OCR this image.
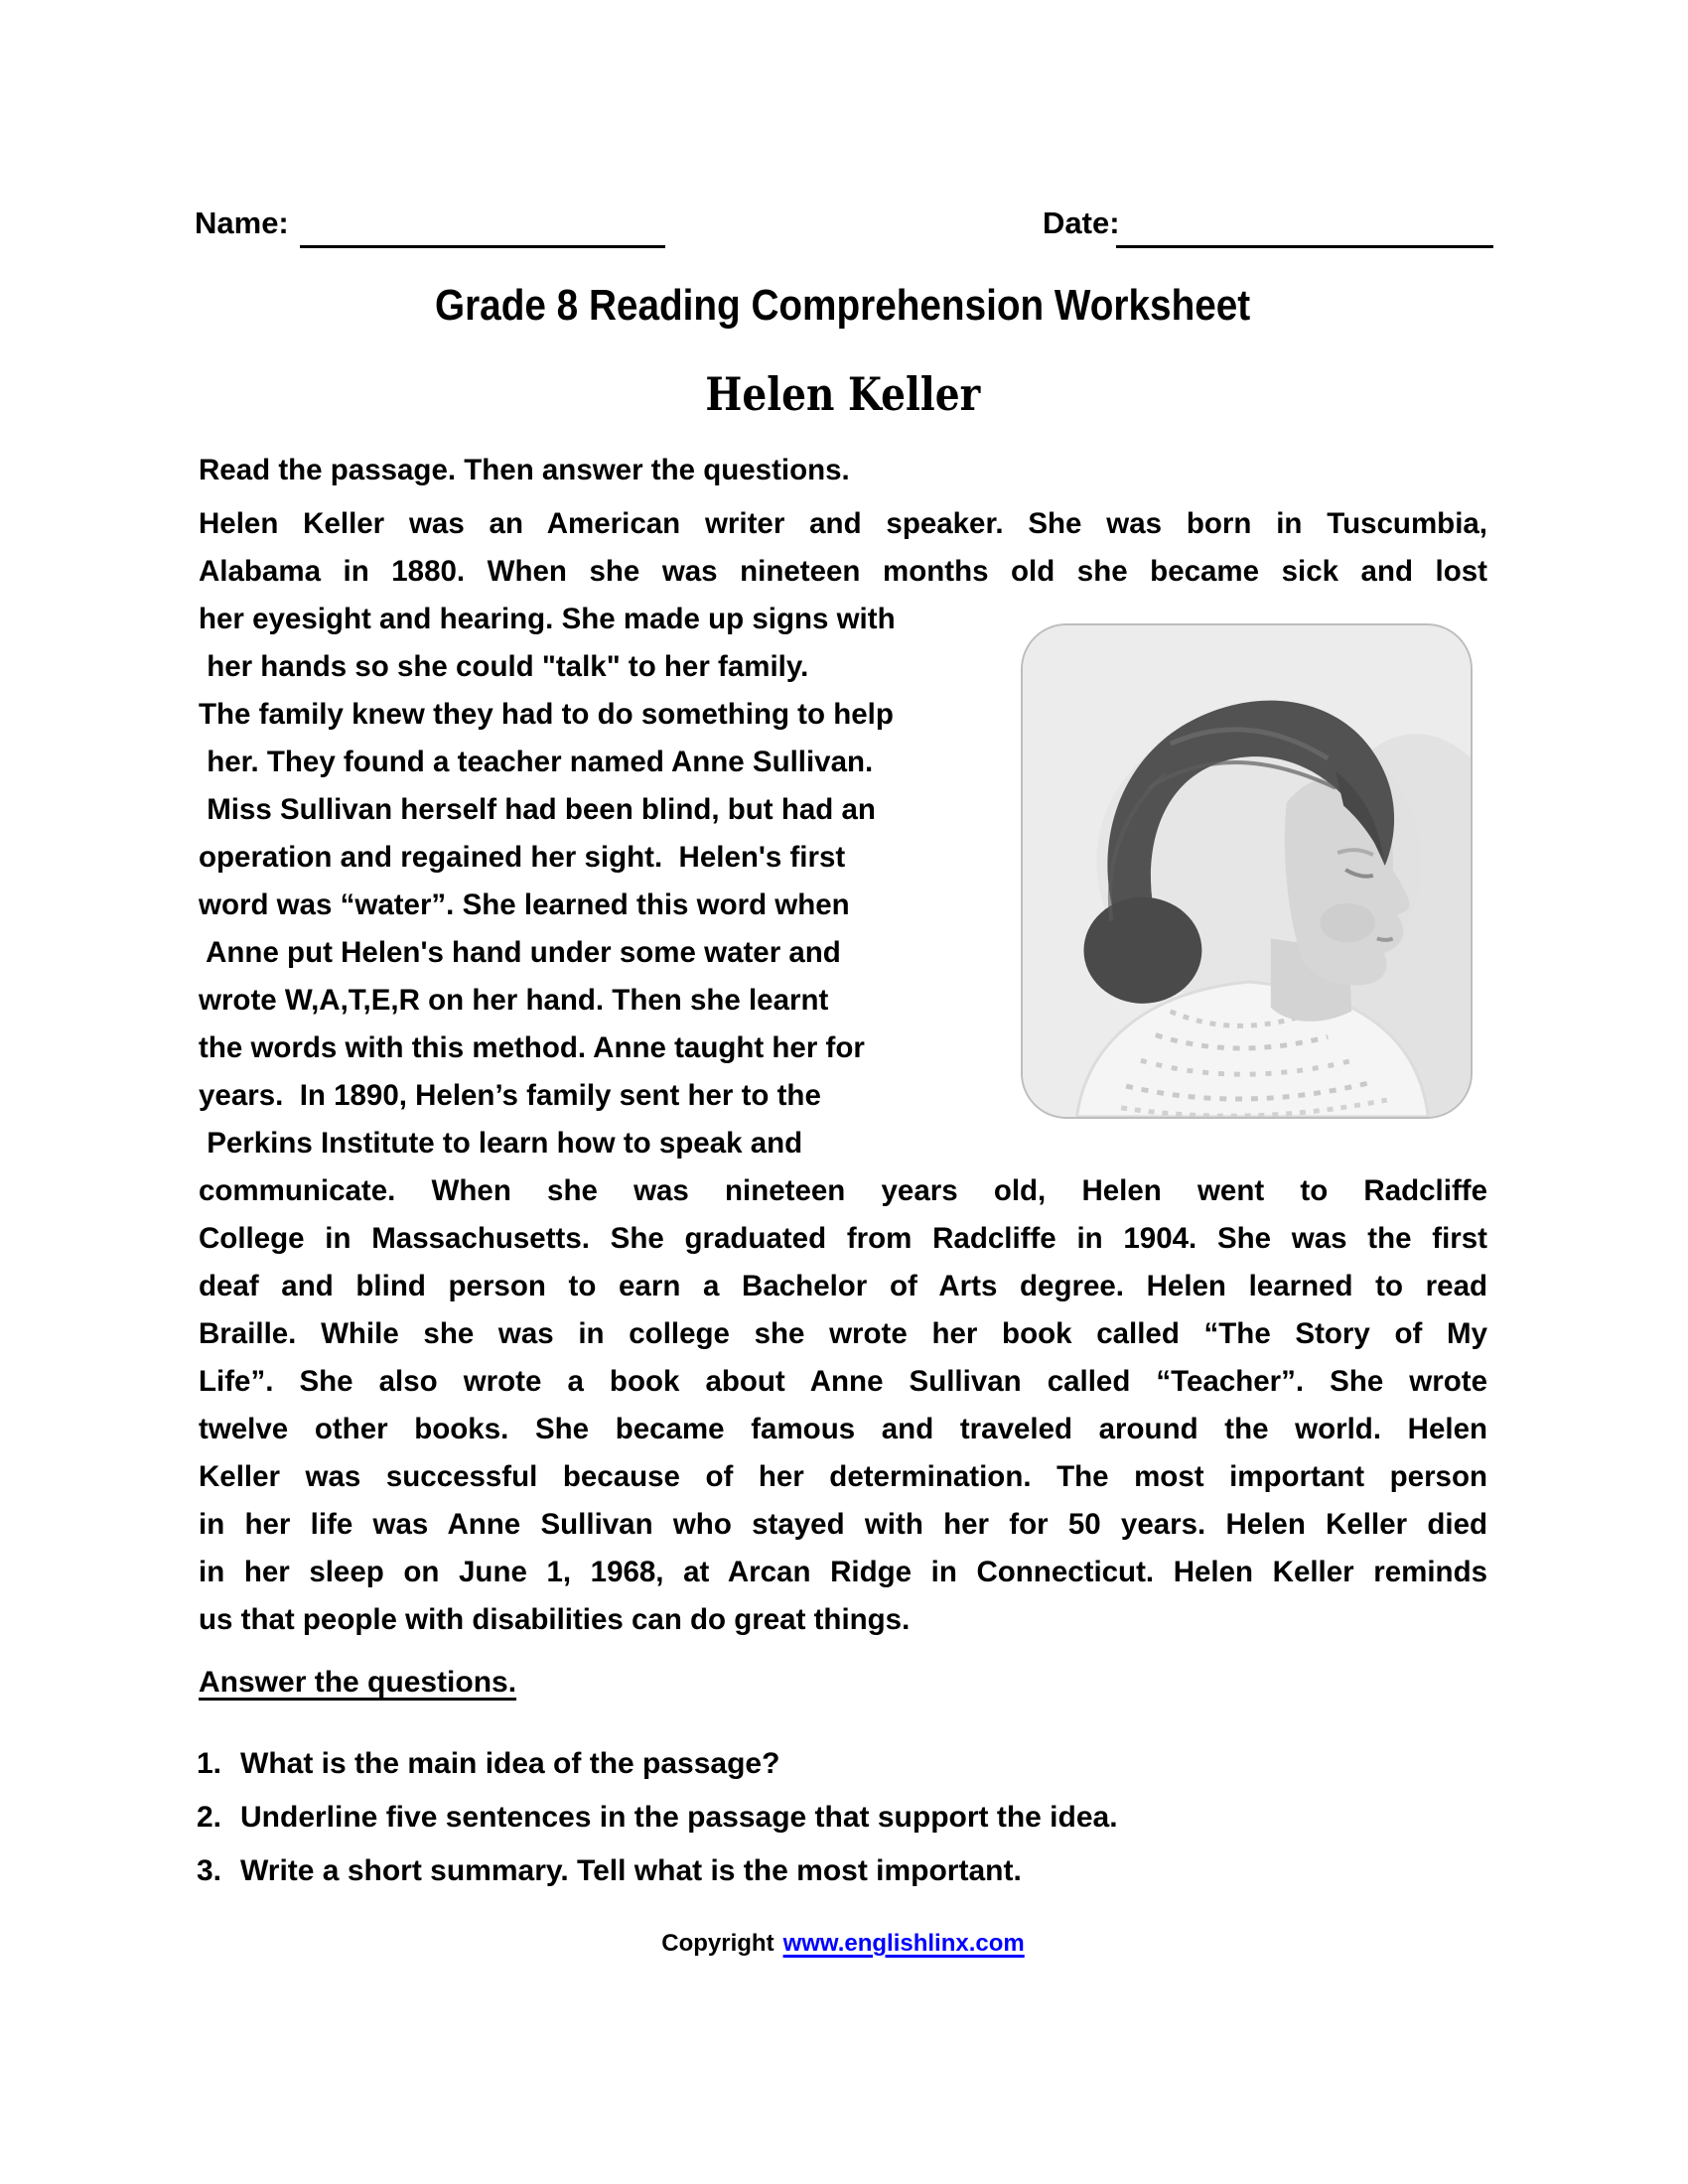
Name:	Date:
Grade 8 Reading Comprehension Worksheet
Helen Keller
Read the passage. Then answer the questions.
Helen Keller was an American writer and speaker. She was born in Tuscumbia,
Alabama in 1880. When she was nineteen months old she became sick and lost
her eyesight and hearing. She made up signs with
her hands so she could "talk" to her family.
The family knew they had to do something to help
her. They found a teacher named Anne Sullivan.
Miss Sullivan herself had been blind, but had an
operation and regained her sight.  Helen's first
word was “water”. She learned this word when
Anne put Helen's hand under some water and
wrote W,A,T,E,R on her hand. Then she learnt
the words with this method. Anne taught her for
years.  In 1890, Helen’s family sent her to the
Perkins Institute to learn how to speak and
communicate. When she was nineteen years old, Helen went to Radcliffe
College in Massachusetts. She graduated from Radcliffe in 1904. She was the first
deaf and blind person to earn a Bachelor of Arts degree. Helen learned to read
Braille. While she was in college she wrote her book called “The Story of My
Life”. She also wrote a book about Anne Sullivan called “Teacher”. She wrote
twelve other books. She became famous and traveled around the world. Helen
Keller was successful because of her determination. The most important person
in her life was Anne Sullivan who stayed with her for 50 years. Helen Keller died
in her sleep on June 1, 1968, at Arcan Ridge in Connecticut. Helen Keller reminds
us that people with disabilities can do great things.
Answer the questions.
1. What is the main idea of the passage?
2. Underline five sentences in the passage that support the idea.
3. Write a short summary. Tell what is the most important.
Copyright www.englishlinx.com
